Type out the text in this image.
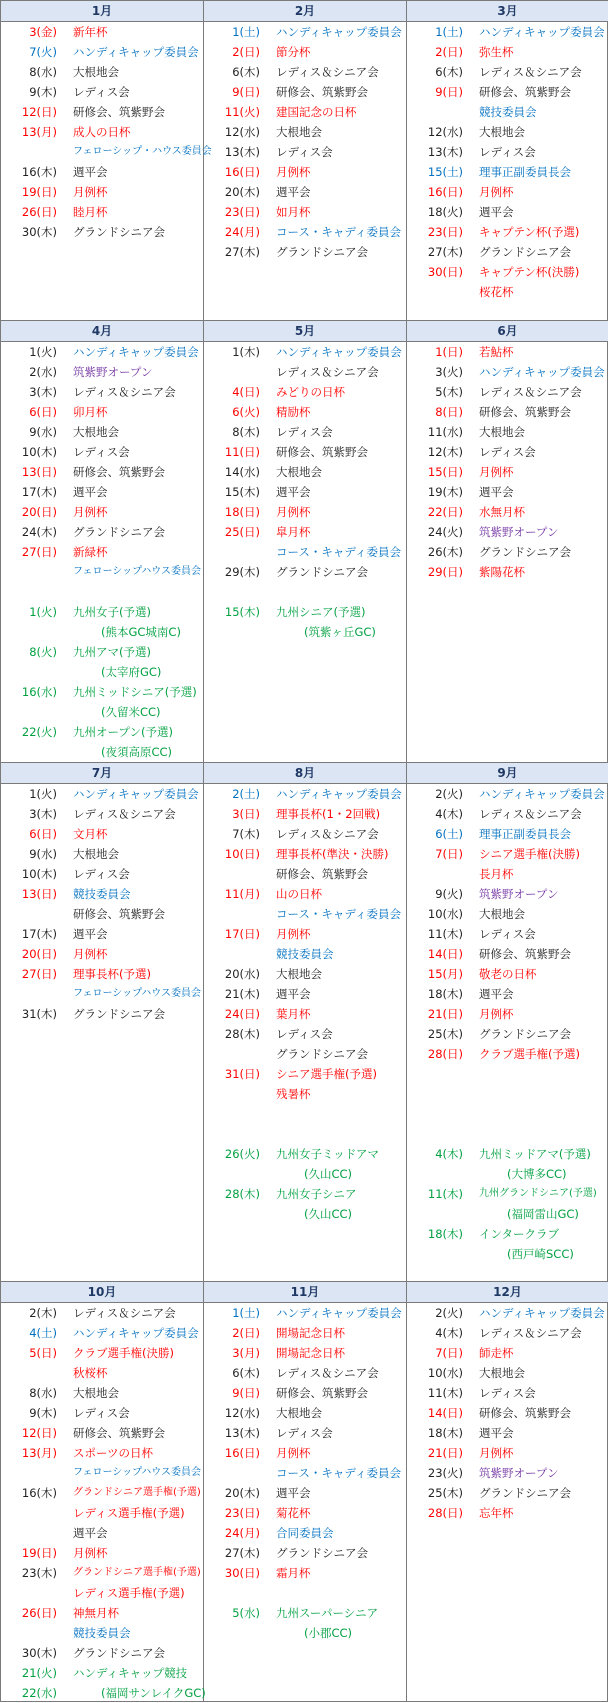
1月
3(金) 新年杯
7(火) ハンディキャップ委員会
8(水) 大根地会
9(木) レディス会
12(日) 研修会、筑紫野会
13(月) 成人の日杯
フェローシップ・ハウス委員会
16(木) 週平会
19(日) 月例杯
26(日) 睦月杯
30(木) グランドシニア会
2月
1(土) ハンディキャップ委員会
2(日) 節分杯
6(木) レディス＆シニア会
9(日) 研修会、筑紫野会
11(火) 建国記念の日杯
12(水) 大根地会
13(木) レディス会
16(日) 月例杯
20(木) 週平会
23(日) 如月杯
24(月) コース・キャディ委員会
27(木) グランドシニア会
3月
1(土) ハンディキャップ委員会
2(日) 弥生杯
6(木) レディス＆シニア会
9(日) 研修会、筑紫野会
競技委員会
12(水) 大根地会
13(木) レディス会
15(土) 理事正副委員長会
16(日) 月例杯
18(火) 週平会
23(日) キャプテン杯(予選)
27(木) グランドシニア会
30(日) キャプテン杯(決勝)
桜花杯
4月
1(火) ハンディキャップ委員会
2(水) 筑紫野オープン
3(木) レディス＆シニア会
6(日) 卯月杯
9(水) 大根地会
10(木) レディス会
13(日) 研修会、筑紫野会
17(木) 週平会
20(日) 月例杯
24(木) グランドシニア会
27(日) 新緑杯
フェローシップハウス委員会
1(火) 九州女子(予選)
(熊本GC城南C)
8(火) 九州アマ(予選)
(太宰府GC)
16(水) 九州ミッドシニア(予選)
(久留米CC)
22(火) 九州オープン(予選)
(夜須高原CC)
5月
1(木) ハンディキャップ委員会
レディス＆シニア会
4(日) みどりの日杯
6(火) 精励杯
8(木) レディス会
11(日) 研修会、筑紫野会
14(水) 大根地会
15(木) 週平会
18(日) 月例杯
25(日) 皐月杯
コース・キャディ委員会
29(木) グランドシニア会
15(木) 九州シニア(予選)
(筑紫ヶ丘GC)
6月
1(日) 若鮎杯
3(火) ハンディキャップ委員会
5(木) レディス＆シニア会
8(日) 研修会、筑紫野会
11(水) 大根地会
12(木) レディス会
15(日) 月例杯
19(木) 週平会
22(日) 水無月杯
24(火) 筑紫野オープン
26(木) グランドシニア会
29(日) 紫陽花杯
7月
1(火) ハンディキャップ委員会
3(木) レディス＆シニア会
6(日) 文月杯
9(水) 大根地会
10(木) レディス会
13(日) 競技委員会
研修会、筑紫野会
17(木) 週平会
20(日) 月例杯
27(日) 理事長杯(予選)
フェローシップハウス委員会
31(木) グランドシニア会
8月
2(土) ハンディキャップ委員会
3(日) 理事長杯(1・2回戦)
7(木) レディス＆シニア会
10(日) 理事長杯(準決・決勝)
研修会、筑紫野会
11(月) 山の日杯
コース・キャディ委員会
17(日) 月例杯
競技委員会
20(水) 大根地会
21(木) 週平会
24(日) 葉月杯
28(木) レディス会
グランドシニア会
31(日) シニア選手権(予選)
残暑杯
26(火) 九州女子ミッドアマ
(久山CC)
28(木) 九州女子シニア
(久山CC)
9月
2(火) ハンディキャップ委員会
4(木) レディス＆シニア会
6(土) 理事正副委員長会
7(日) シニア選手権(決勝)
長月杯
9(火) 筑紫野オープン
10(水) 大根地会
11(木) レディス会
14(日) 研修会、筑紫野会
15(月) 敬老の日杯
18(木) 週平会
21(日) 月例杯
25(木) グランドシニア会
28(日) クラブ選手権(予選)
4(木) 九州ミッドアマ(予選)
(大博多CC)
11(木) 九州グランドシニア(予選)
(福岡雷山GC)
18(木) インタークラブ
(西戸崎SCC)
10月
2(木) レディス＆シニア会
4(土) ハンディキャップ委員会
5(日) クラブ選手権(決勝)
秋桜杯
8(水) 大根地会
9(木) レディス会
12(日) 研修会、筑紫野会
13(月) スポーツの日杯
フェローシップハウス委員会
16(木) グランドシニア選手権(予選)
レディス選手権(予選)
週平会
19(日) 月例杯
23(木) グランドシニア選手権(予選)
レディス選手権(予選)
26(日) 神無月杯
競技委員会
30(木) グランドシニア会
21(火) ハンディキャップ競技
22(水)	(福岡サンレイクGC)
11月
1(土) ハンディキャップ委員会
2(日) 開場記念日杯
3(月) 開場記念日杯
6(木) レディス＆シニア会
9(日) 研修会、筑紫野会
12(水) 大根地会
13(木) レディス会
16(日) 月例杯
コース・キャディ委員会
20(木) 週平会
23(日) 菊花杯
24(月) 合同委員会
27(木) グランドシニア会
30(日) 霜月杯
5(水) 九州スーパーシニア
(小郡CC)
12月
2(火) ハンディキャップ委員会
4(木) レディス＆シニア会
7(日) 師走杯
10(水) 大根地会
11(木) レディス会
14(日) 研修会、筑紫野会
18(木) 週平会
21(日) 月例杯
23(火) 筑紫野オープン
25(木) グランドシニア会
28(日) 忘年杯
